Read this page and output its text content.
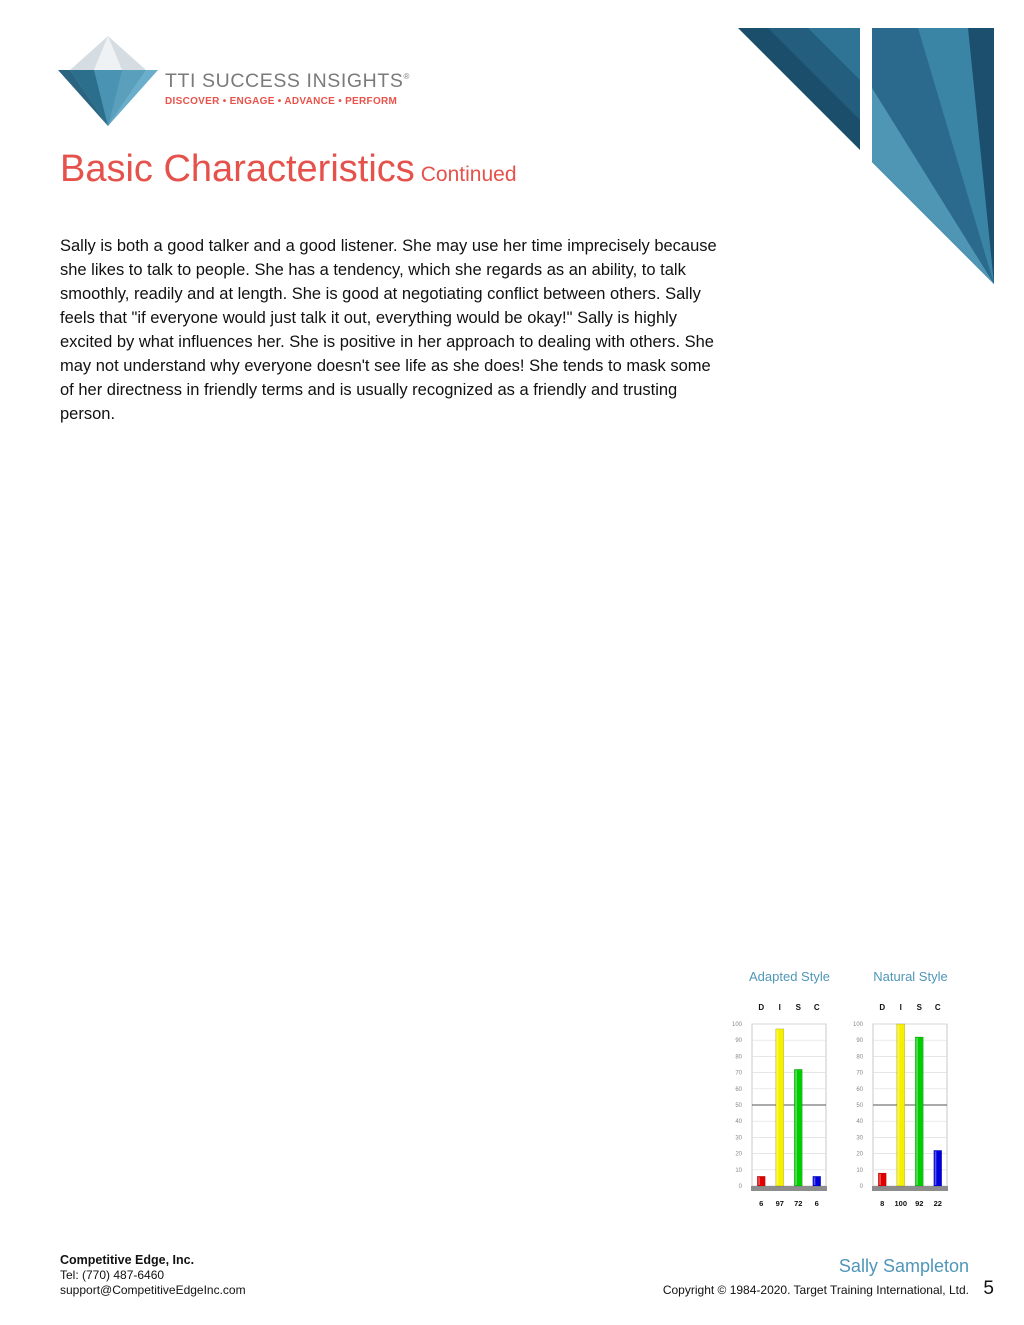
TTI SUCCESS INSIGHTS®
DISCOVER • ENGAGE • ADVANCE • PERFORM
Basic Characteristics Continued

Sally is both a good talker and a good listener. She may use her time imprecisely because she likes to talk to people. She has a tendency, which she regards as an ability, to talk smoothly, readily and at length. She is good at negotiating conflict between others. Sally feels that "if everyone would just talk it out, everything would be okay!" Sally is highly excited by what influences her. She is positive in her approach to dealing with others. She may not understand why everyone doesn't see life as she does! She tends to mask some of her directness in friendly terms and is usually recognized as a friendly and trusting person.

Adapted Style
0
10
20
30
40
50
60
70
80
90
100
D
6
I
97
S
72
C
6
Natural Style
0
10
20
30
40
50
60
70
80
90
100
D
8
I
100
S
92
C
22
Competitive Edge, Inc.
Tel: (770) 487-6460
support@CompetitiveEdgeInc.com
Sally Sampleton
Copyright © 1984-2020. Target Training International, Ltd. 5
